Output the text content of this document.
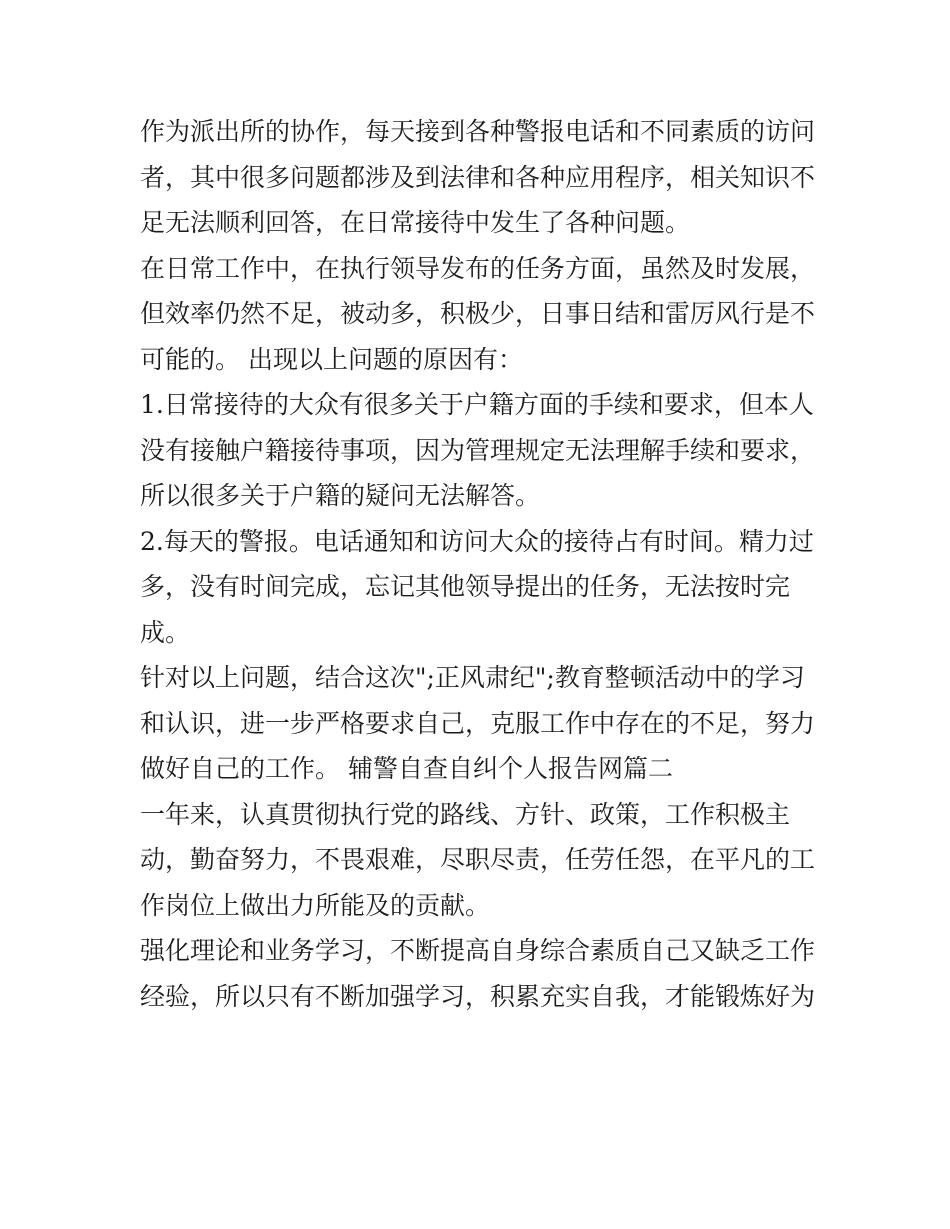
作为派出所的协作，每天接到各种警报电话和不同素质的访问
者，其中很多问题都涉及到法律和各种应用程序，相关知识不
足无法顺利回答，在日常接待中发生了各种问题。

在日常工作中，在执行领导发布的任务方面，虽然及时发展，
但效率仍然不足，被动多，积极少，日事日结和雷厉风行是不
可能的。 出现以上问题的原因有：

1.日常接待的大众有很多关于户籍方面的手续和要求，但本人
没有接触户籍接待事项，因为管理规定无法理解手续和要求，
所以很多关于户籍的疑问无法解答。

2.每天的警报。电话通知和访问大众的接待占有时间。精力过
多，没有时间完成，忘记其他领导提出的任务，无法按时完
成。

针对以上问题，结合这次";正风肃纪";教育整顿活动中的学习
和认识，进一步严格要求自己，克服工作中存在的不足，努力
做好自己的工作。 辅警自查自纠个人报告网篇二

一年来，认真贯彻执行党的路线、方针、政策，工作积极主
动，勤奋努力，不畏艰难，尽职尽责，任劳任怨，在平凡的工
作岗位上做出力所能及的贡献。

强化理论和业务学习，不断提高自身综合素质自己又缺乏工作
经验，所以只有不断加强学习，积累充实自我，才能锻炼好为
